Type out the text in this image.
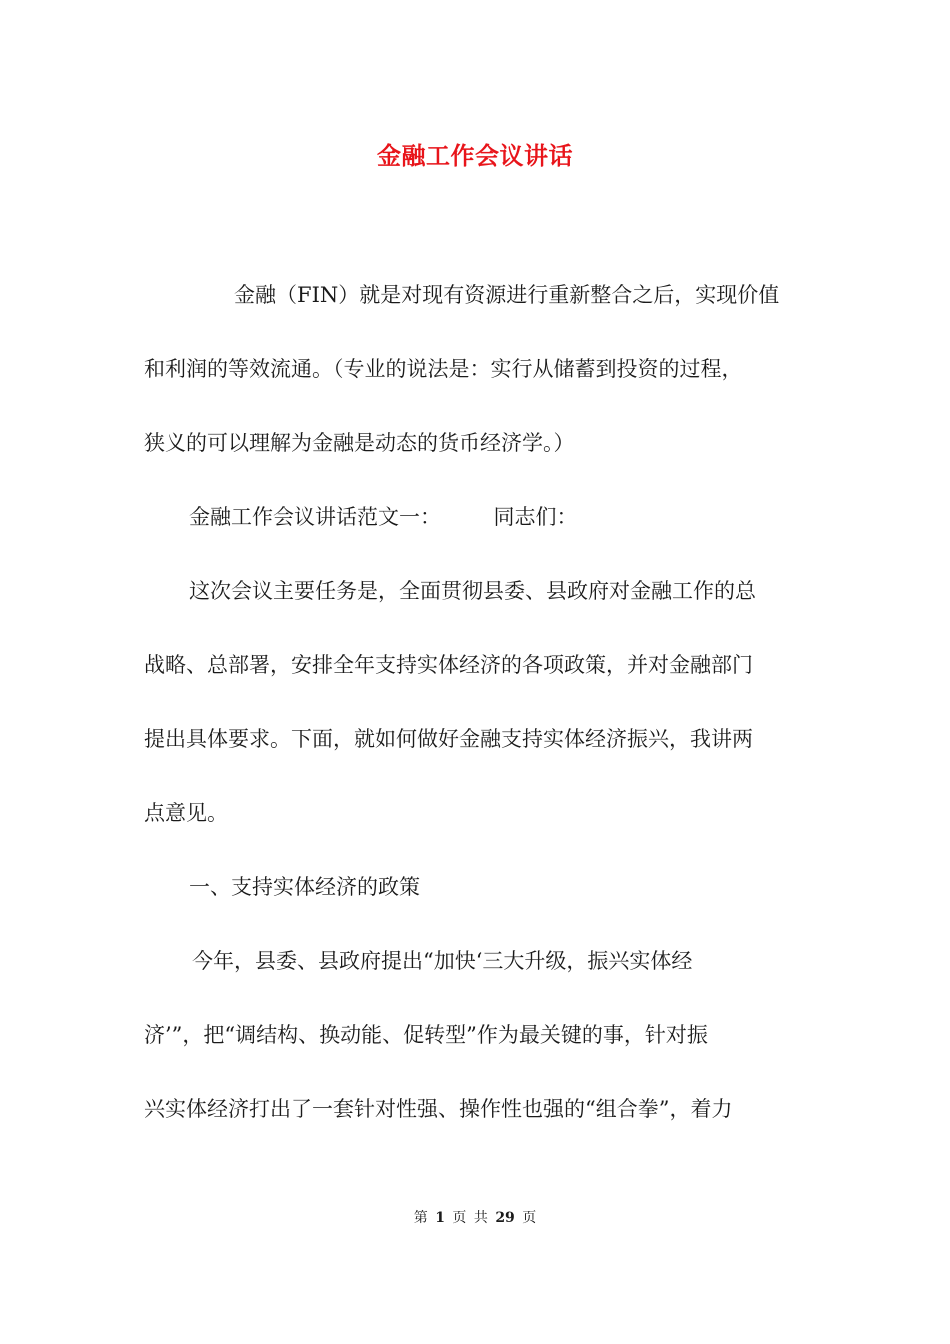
金融工作会议讲话
金融（FIN）就是对现有资源进行重新整合之后，实现价值
和利润的等效流通。（专业的说法是：实行从储蓄到投资的过程，
狭义的可以理解为金融是动态的货币经济学。）
金融工作会议讲话范文一：　　　同志们：
这次会议主要任务是，全面贯彻县委、县政府对金融工作的总
战略、总部署，安排全年支持实体经济的各项政策，并对金融部门
提出具体要求。下面，就如何做好金融支持实体经济振兴，我讲两
点意见。
一、支持实体经济的政策
今年，县委、县政府提出“加快‘三大升级，振兴实体经
济’”，把“调结构、换动能、促转型”作为最关键的事，针对振
兴实体经济打出了一套针对性强、操作性也强的“组合拳”，着力
第 1 页 共 29 页
